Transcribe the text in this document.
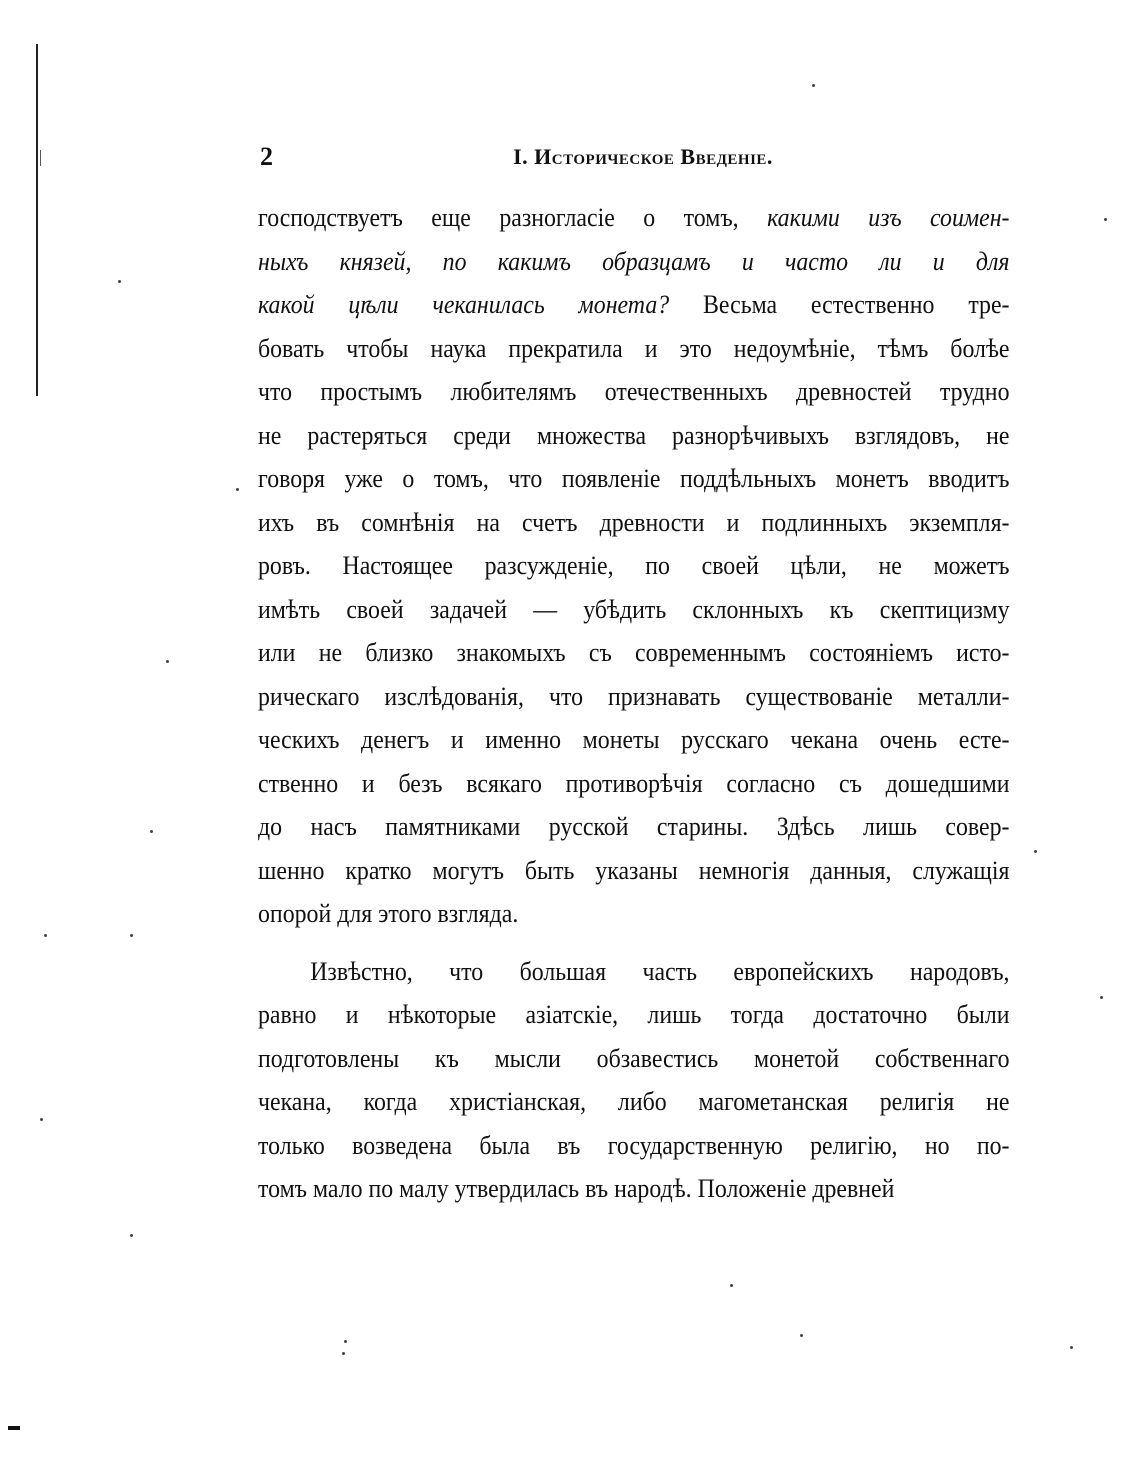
2	I. Историческое Введеніе.
господствуетъ еще разногласіе о томъ, какими изъ соимен-
ныхъ князей, по какимъ образцамъ и часто ли и для
какой цѣли чеканилась монета? Весьма естественно тре-
бовать чтобы наука прекратила и это недоумѣніе, тѣмъ болѣе
что простымъ любителямъ отечественныхъ древностей трудно
не растеряться среди множества разнорѣчивыхъ взглядовъ, не
говоря уже о томъ, что появленіе поддѣльныхъ монетъ вводитъ
ихъ въ сомнѣнія на счетъ древности и подлинныхъ экземпля-
ровъ. Настоящее разсужденіе, по своей цѣли, не можетъ
имѣть своей задачей — убѣдить склонныхъ къ скептицизму
или не близко знакомыхъ съ современнымъ состояніемъ исто-
рическаго изслѣдованія, что признавать существованіе металли-
ческихъ денегъ и именно монеты русскаго чекана очень есте-
ственно и безъ всякаго противорѣчія согласно съ дошедшими
до насъ памятниками русской старины. Здѣсь лишь совер-
шенно кратко могутъ быть указаны немногія данныя, служащія
опорой для этого взгляда.
Извѣстно, что большая часть европейскихъ народовъ,
равно и нѣкоторые азіатскіе, лишь тогда достаточно были
подготовлены къ мысли обзавестись монетой собственнаго
чекана, когда христіанская, либо магометанская религія не
только возведена была въ государственную религію, но по-
томъ мало по малу утвердилась въ народѣ. Положеніе древней
